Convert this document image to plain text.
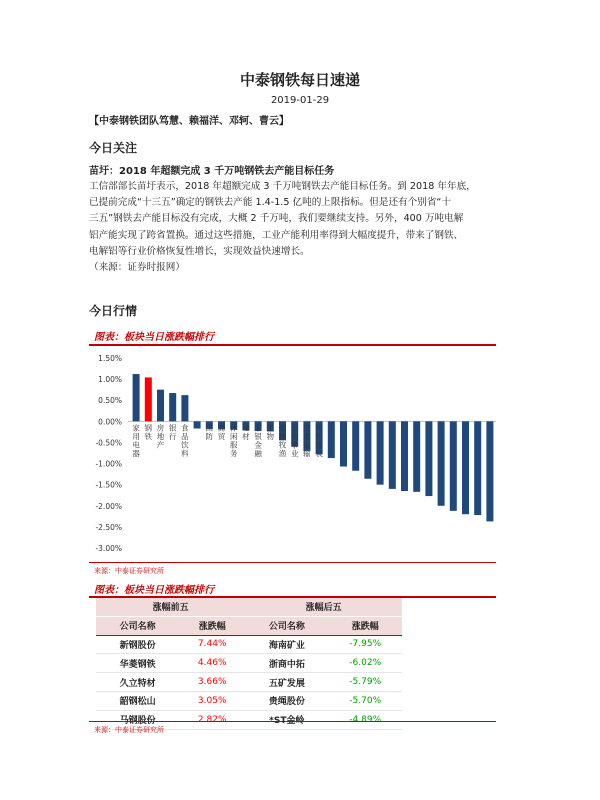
中泰钢铁每日速递
2019-01-29
【中泰钢铁团队笃慧、赖福洋、邓轲、曹云】
今日关注
苗圩：2018 年超额完成 3 千万吨钢铁去产能目标任务
工信部部长苗圩表示，2018 年超额完成 3 千万吨钢铁去产能目标任务。到 2018 年年底，
已提前完成“十三五”确定的钢铁去产能 1.4-1.5 亿吨的上限指标。但是还有个别省“十
三五”钢铁去产能目标没有完成，大概 2 千万吨，我们要继续支持。另外，400 万吨电解
铝产能实现了跨省置换。通过这些措施，工业产能利用率得到大幅度提升，带来了钢铁、
电解铝等行业价格恢复性增长，实现效益快速增长。
（来源：证券时报网）
今日行情
图表：板块当日涨跌幅排行
1.50%
1.00%
0.50%
0.00%
-0.50%
-1.00%
-1.50%
-2.00%
-2.50%
-3.00%
家用电器
钢铁
房地产
银行
食品饮料
国防
商贸
休闲服务
建材
非银金融
生物
农林牧渔
公用事业
交通运输
纺织服装
来源：中泰证券研究所
图表：板块当日涨跌幅排行
涨幅前五		涨幅后五	
公司名称	涨跌幅	公司名称	涨跌幅
新钢股份	7.44%	海南矿业	-7.95%
华菱钢铁	4.46%	浙商中拓	-6.02%
久立特材	3.66%	五矿发展	-5.79%
韶钢松山	3.05%	贵绳股份	-5.70%
马钢股份	2.82%	*ST金岭	-4.89%
来源：中泰证券研究所
